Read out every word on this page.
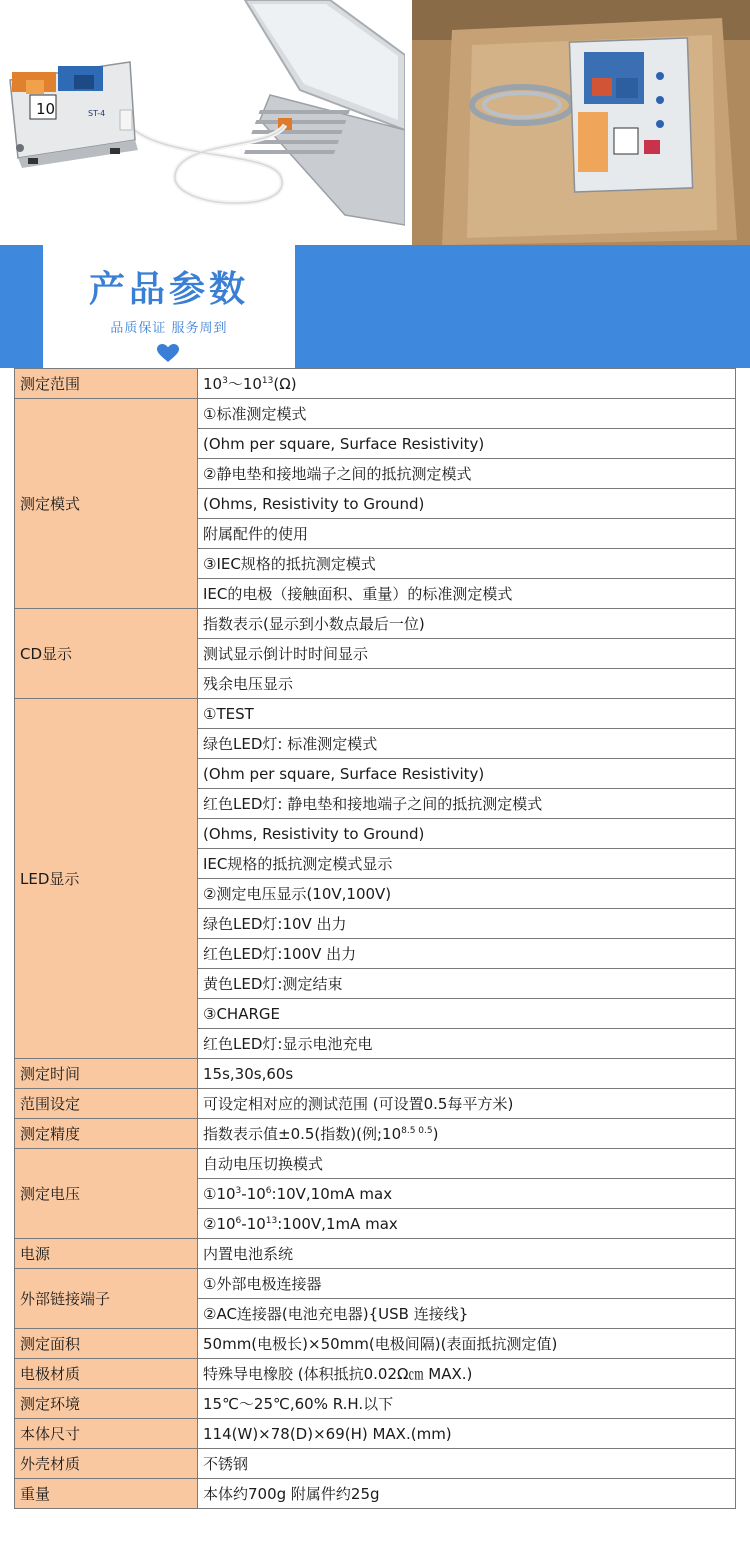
10	ST-4
产品参数
品质保证 服务周到
测定范围	$10^3\sim 10^{13}(\Omega)$
测定模式	①标准测定模式
	(Ohm per square, Surface Resistivity)
	②静电垫和接地端子之间的抵抗测定模式
	(Ohms, Resistivity to Ground)
	附属配件的使用
	③IEC规格的抵抗测定模式
	IEC的电极（接触面积、重量）的标准测定模式
CD显示	指数表示(显示到小数点最后一位)
	测试显示倒计时时间显示
	残余电压显示
LED显示	①TEST
	绿色LED灯: 标准测定模式
	(Ohm per square, Surface Resistivity)
	红色LED灯: 静电垫和接地端子之间的抵抗测定模式
	(Ohms, Resistivity to Ground)
	IEC规格的抵抗测定模式显示
	②测定电压显示(10V,100V)
	绿色LED灯:10V 出力
	红色LED灯:100V 出力
	黄色LED灯:测定结束
	③CHARGE
	红色LED灯:显示电池充电
测定时间	15s,30s,60s
范围设定	可设定相对应的测试范围 (可设置0.5每平方米)
测定精度	指数表示值±0.5(指数)(例$;10^{8.5 0.5}$)
测定电压	自动电压切换模式
	$①10^3-10^6:10V,10mA$ max
	$②10^6-10^{13}:100V,1mA$ max
电源	内置电池系统
外部链接端子	①外部电极连接器
	②AC连接器(电池充电器){USB 连接线}
测定面积	50mm(电极长)×50mm(电极间隔)(表面抵抗测定值)
电极材质	特殊导电橡胶 (体积抵抗0.02Ω㎝ MAX.)
测定环境	15℃～25℃,60% R.H.以下
本体尺寸	114(W)×78(D)×69(H) MAX.(mm)
外壳材质	不锈钢
重量	本体约700g 附属件约25g
